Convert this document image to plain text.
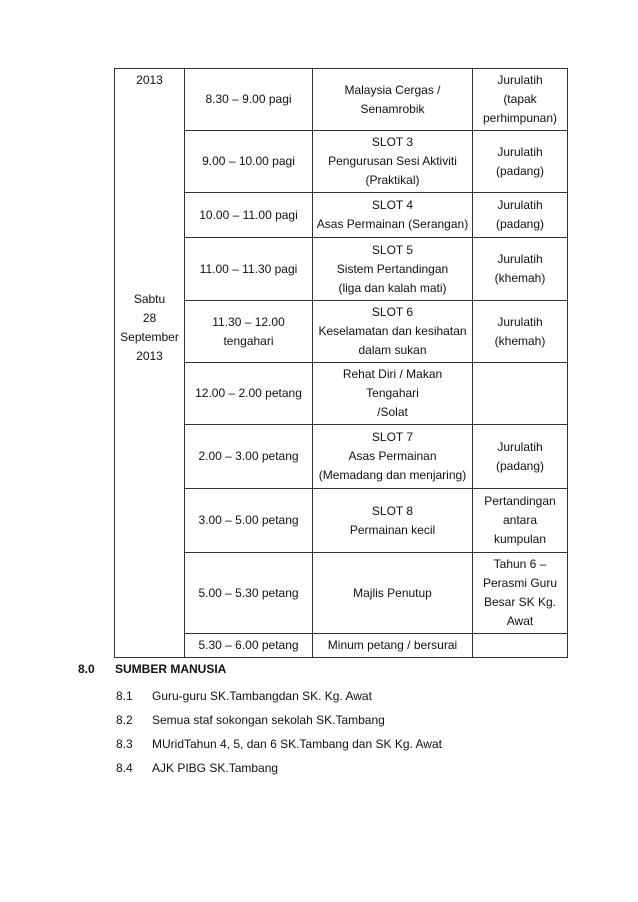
2013
Sabtu
28
September
2013	8.30 – 9.00 pagi	Malaysia Cergas /
Senamrobik	Jurulatih
(tapak
perhimpunan)

	9.00 – 10.00 pagi	SLOT 3
Pengurusan Sesi Aktiviti
(Praktikal)	Jurulatih
(padang)

	10.00 – 11.00 pagi	SLOT 4
Asas Permainan (Serangan)	Jurulatih
(padang)

	11.00 – 11.30 pagi	SLOT 5
Sistem Pertandingan
(liga dan kalah mati)	Jurulatih
(khemah)

	11.30 – 12.00
tengahari	SLOT 6
Keselamatan dan kesihatan
dalam sukan	Jurulatih
(khemah)

	12.00 – 2.00 petang	Rehat Diri / Makan Tengahari
/Solat	

	2.00 – 3.00 petang	SLOT 7
Asas Permainan
(Memadang dan menjaring)	Jurulatih
(padang)

	3.00 – 5.00 petang	SLOT 8
Permainan kecil	Pertandingan
antara
kumpulan

	5.00 – 5.30 petang	Majlis Penutup	Tahun 6 –
Perasmi Guru
Besar SK Kg.
Awat

	5.30 – 6.00 petang	Minum petang / bersurai	

8.0 SUMBER MANUSIA
8.1 Guru-guru SK.Tambangdan SK. Kg. Awat
8.2 Semua staf sokongan sekolah SK.Tambang
8.3 MUridTahun 4, 5, dan 6 SK.Tambang dan SK Kg. Awat
8.4 AJK PIBG SK.Tambang
